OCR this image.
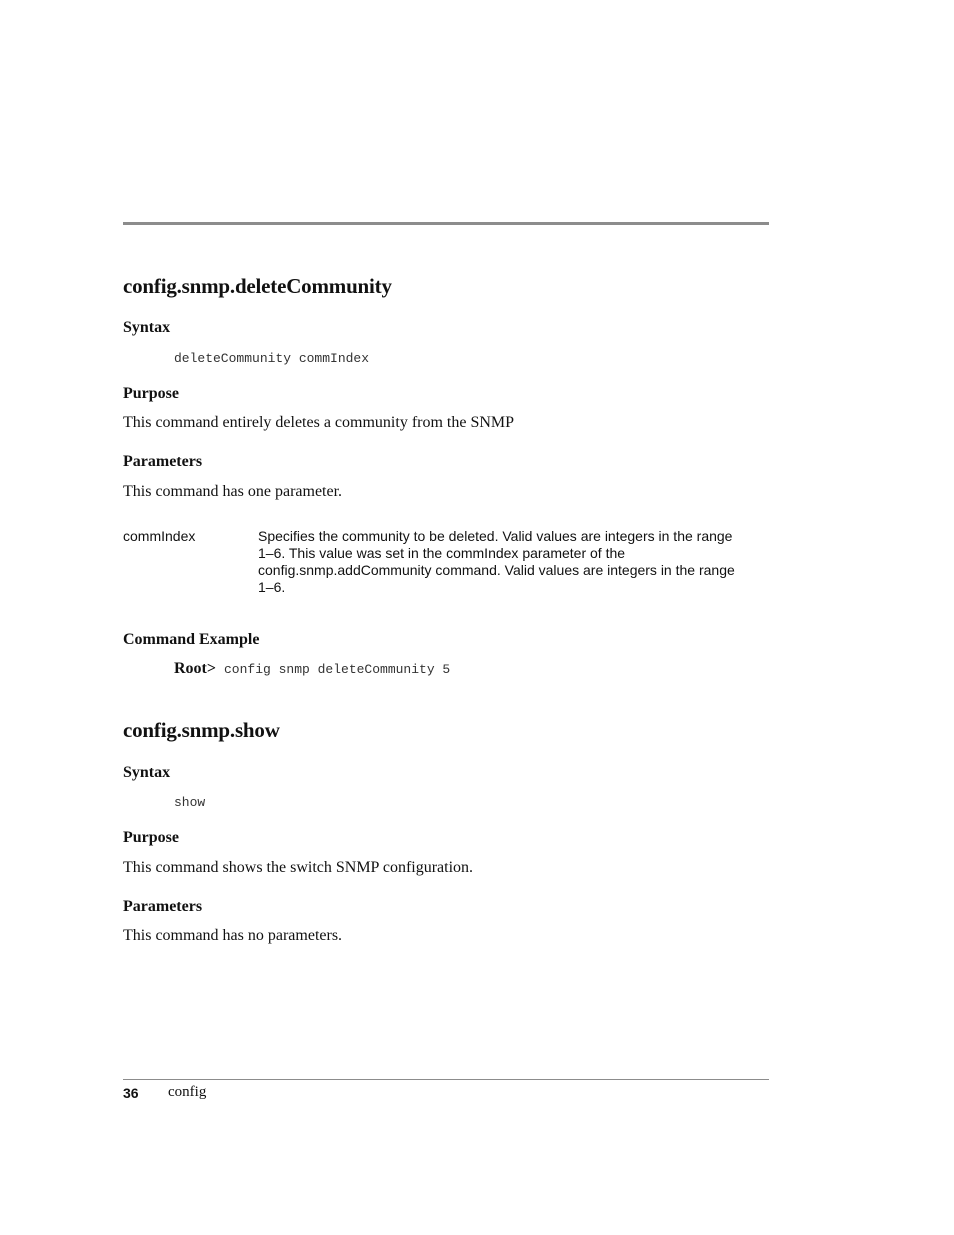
config.snmp.deleteCommunity
Syntax
deleteCommunity commIndex
Purpose
This command entirely deletes a community from the SNMP
Parameters
This command has one parameter.
commIndex	Specifies the community to be deleted. Valid values are integers in the range
1–6. This value was set in the commIndex parameter of the
config.snmp.addCommunity command. Valid values are integers in the range
1–6.
Command Example
Root> config snmp deleteCommunity 5
config.snmp.show
Syntax
show
Purpose
This command shows the switch SNMP configuration.
Parameters
This command has no parameters.
36 config
